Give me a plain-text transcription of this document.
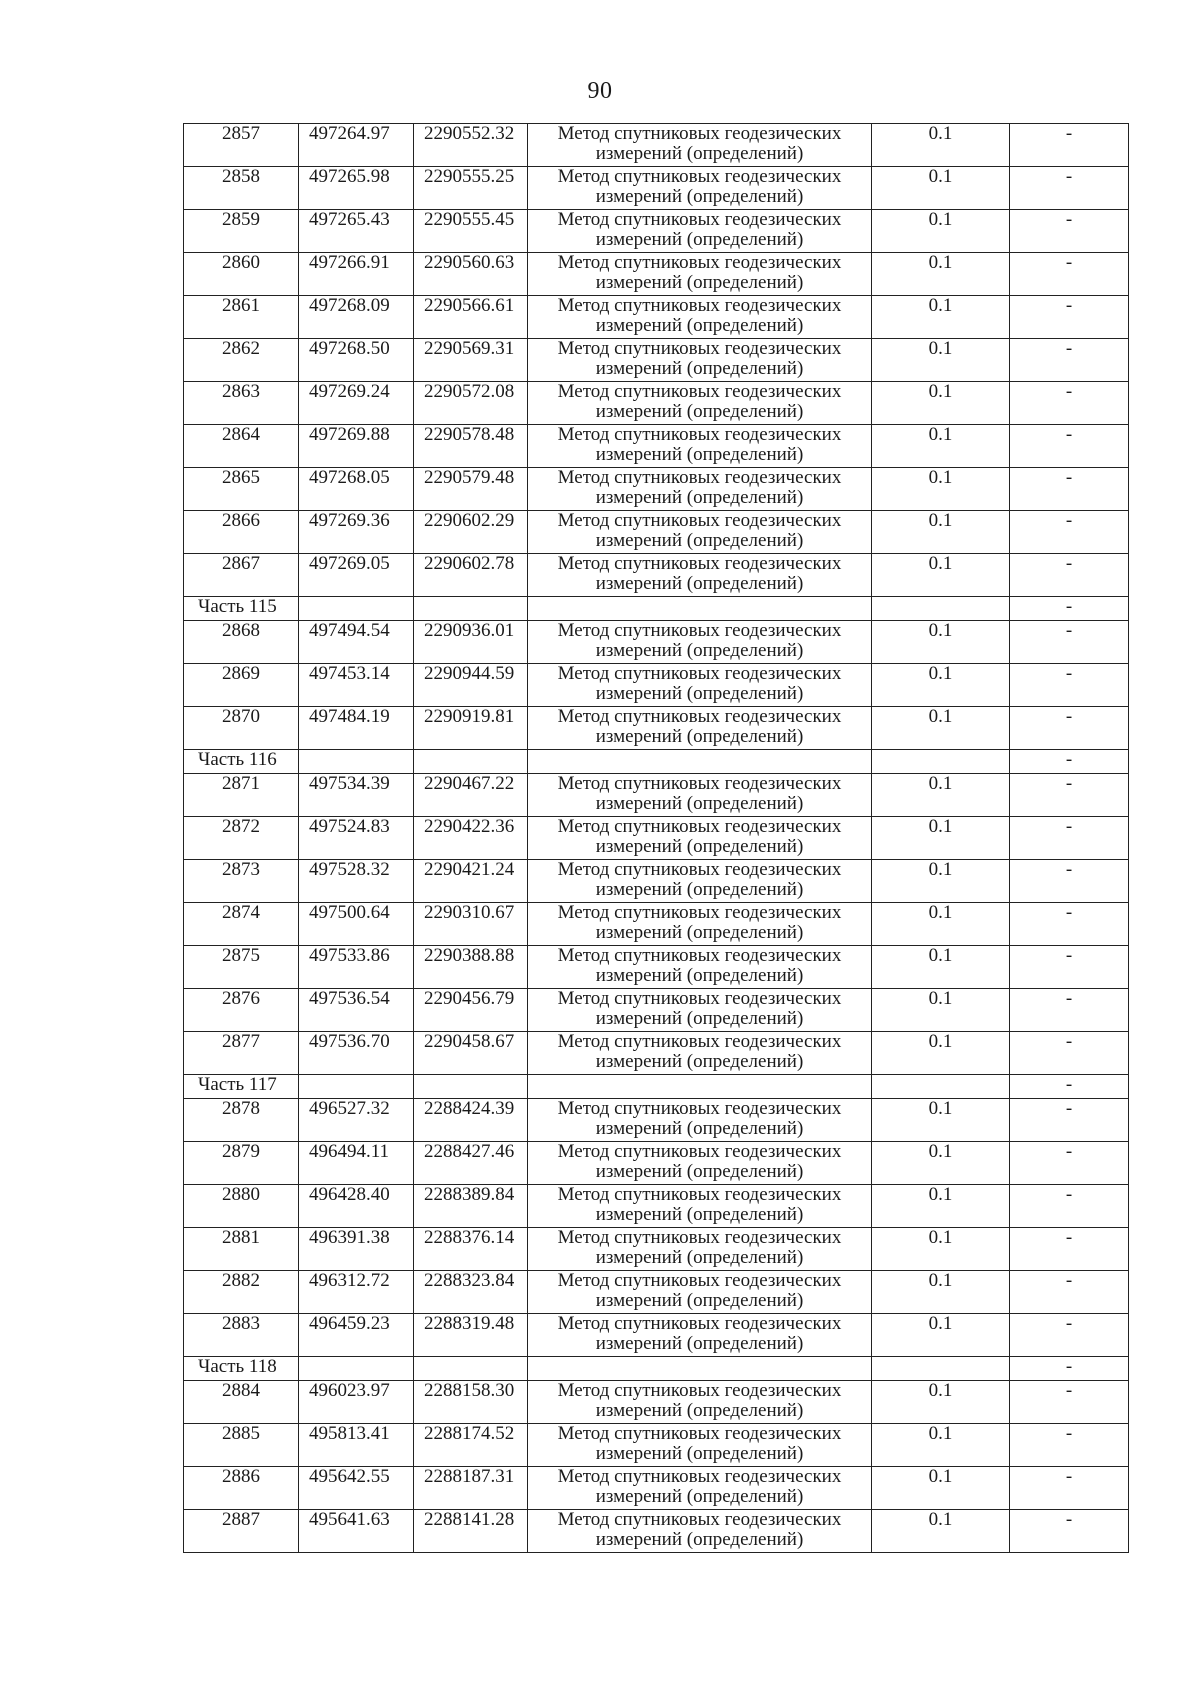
90
2857	497264.97	2290552.32	Метод спутниковых геодезических
измерений (определений)	0.1	-
2858	497265.98	2290555.25	Метод спутниковых геодезических
измерений (определений)	0.1	-
2859	497265.43	2290555.45	Метод спутниковых геодезических
измерений (определений)	0.1	-
2860	497266.91	2290560.63	Метод спутниковых геодезических
измерений (определений)	0.1	-
2861	497268.09	2290566.61	Метод спутниковых геодезических
измерений (определений)	0.1	-
2862	497268.50	2290569.31	Метод спутниковых геодезических
измерений (определений)	0.1	-
2863	497269.24	2290572.08	Метод спутниковых геодезических
измерений (определений)	0.1	-
2864	497269.88	2290578.48	Метод спутниковых геодезических
измерений (определений)	0.1	-
2865	497268.05	2290579.48	Метод спутниковых геодезических
измерений (определений)	0.1	-
2866	497269.36	2290602.29	Метод спутниковых геодезических
измерений (определений)	0.1	-
2867	497269.05	2290602.78	Метод спутниковых геодезических
измерений (определений)	0.1	-
Часть 115					-
2868	497494.54	2290936.01	Метод спутниковых геодезических
измерений (определений)	0.1	-
2869	497453.14	2290944.59	Метод спутниковых геодезических
измерений (определений)	0.1	-
2870	497484.19	2290919.81	Метод спутниковых геодезических
измерений (определений)	0.1	-
Часть 116					-
2871	497534.39	2290467.22	Метод спутниковых геодезических
измерений (определений)	0.1	-
2872	497524.83	2290422.36	Метод спутниковых геодезических
измерений (определений)	0.1	-
2873	497528.32	2290421.24	Метод спутниковых геодезических
измерений (определений)	0.1	-
2874	497500.64	2290310.67	Метод спутниковых геодезических
измерений (определений)	0.1	-
2875	497533.86	2290388.88	Метод спутниковых геодезических
измерений (определений)	0.1	-
2876	497536.54	2290456.79	Метод спутниковых геодезических
измерений (определений)	0.1	-
2877	497536.70	2290458.67	Метод спутниковых геодезических
измерений (определений)	0.1	-
Часть 117					-
2878	496527.32	2288424.39	Метод спутниковых геодезических
измерений (определений)	0.1	-
2879	496494.11	2288427.46	Метод спутниковых геодезических
измерений (определений)	0.1	-
2880	496428.40	2288389.84	Метод спутниковых геодезических
измерений (определений)	0.1	-
2881	496391.38	2288376.14	Метод спутниковых геодезических
измерений (определений)	0.1	-
2882	496312.72	2288323.84	Метод спутниковых геодезических
измерений (определений)	0.1	-
2883	496459.23	2288319.48	Метод спутниковых геодезических
измерений (определений)	0.1	-
Часть 118					-
2884	496023.97	2288158.30	Метод спутниковых геодезических
измерений (определений)	0.1	-
2885	495813.41	2288174.52	Метод спутниковых геодезических
измерений (определений)	0.1	-
2886	495642.55	2288187.31	Метод спутниковых геодезических
измерений (определений)	0.1	-
2887	495641.63	2288141.28	Метод спутниковых геодезических
измерений (определений)	0.1	-
